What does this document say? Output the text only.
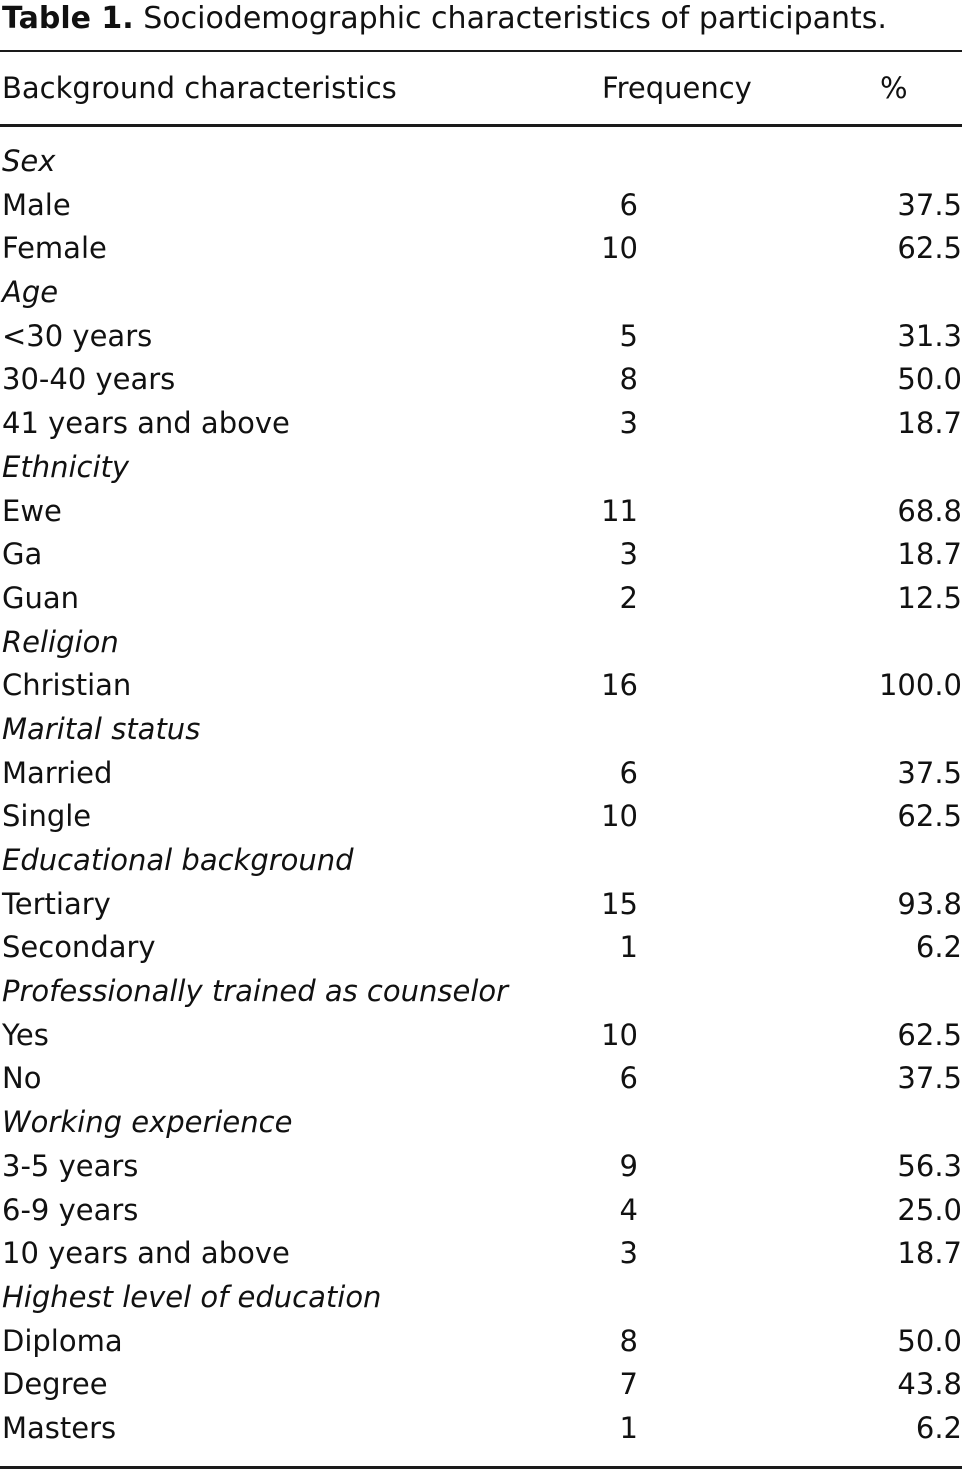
Table 1. Sociodemographic characteristics of participants.
Background characteristics	Frequency	%
Sex
Male	6	37.5
Female	10	62.5
Age
<30 years	5	31.3
30-40 years	8	50.0
41 years and above	3	18.7
Ethnicity
Ewe	11	68.8
Ga	3	18.7
Guan	2	12.5
Religion
Christian	16	100.0
Marital status
Married	6	37.5
Single	10	62.5
Educational background
Tertiary	15	93.8
Secondary	1	6.2
Professionally trained as counselor
Yes	10	62.5
No	6	37.5
Working experience
3-5 years	9	56.3
6-9 years	4	25.0
10 years and above	3	18.7
Highest level of education
Diploma	8	50.0
Degree	7	43.8
Masters	1	6.2
